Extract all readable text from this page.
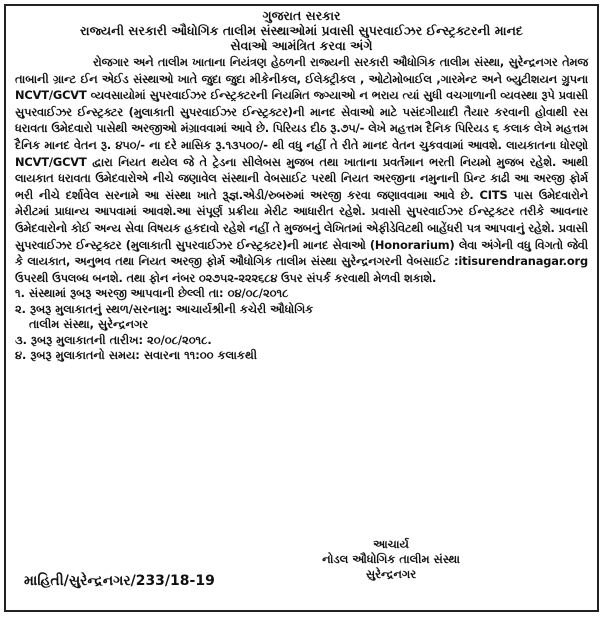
ગુજરાત સરકાર
રાજ્યની સરકારી ઔધોગિક તાલીમ સંસ્થાઓમાં પ્રવાસી સુપરવાઈઝર ઈન્સ્ટ્રક્ટરની માનદ
સેવાઓ આમંત્રિત કરવા અંગે
રોજગાર અને તાલીમ ખાતાના નિયંત્રણ હેઠળની રાજ્યની સરકારી ઔધોગિક તાલીમ સંસ્થા, સુરેન્દ્રનગર તેમજ તાબાની ગ્રાન્ટ ઈન એઈડ સંસ્થાઓ ખાતે જુદા જુદા મીકેનીકલ, ઈલેક્ટ્રીકલ , ઓટોમોબાઈલ ,ગારમેન્ટ અને બ્યુટીશયન ગ્રુપના NCVT/GCVT વ્યવસાયોમાં સુપરવાઈઝર ઈન્સ્ટ્રક્ટરની નિયમિત જ્ગ્યાઓ ન ભરાય ત્યાં સુધી વચગાળાની વ્યવસ્થા રૂપે પ્રવાસી સુપરવાઈઝર ઈન્સ્ટ્રક્ટર (મુલાકાતી સુપરવાઈઝર ઈન્સ્ટ્રક્ટર)ની માનદ સેવાઓ માટે પસંદગીયાદી તૈયાર કરવાની હોવાથી રસ ધરાવતા ઉમેદવારો પાસેથી અરજીઓ મંગ્રાવવામાં આવે છે. પિરિયડ દીઠ રૂ.૭૫/- લેખે મહત્તમ દૈનિક પિરિયડ ૬ કલાક લેખે મહત્તમ દૈનિક માનદ વેતન રૂ. ૪૫૦/- ના દરે માસિક રૂ.૧૩૫૦૦/- થી વધુ નહીં તે રીતે માનદ વેતન ચુકવવામાં આવશે. લાયકાતના ધોરણો NCVT/GCVT દ્વારા નિયત થયેલ જે તે ટ્રેડના સીલેબસ મુજબ તથા ખાતાના પ્રવર્તમાન ભરતી નિયમો મુજબ રહેશે. આથી લાયકાત ધરાવતા ઉમેદવારોએ નીચે જણાવેલ સંસ્થાની વેબસાઈટ પરથી નિયત અરજીના નમુનાની પ્રિન્ટ કાઢી આ અરજી ફોર્મ ભરી નીચે દર્શાવેલ સરનામે આ સંસ્થા ખાતે રૂ્જ્ઞ.એડી/રુબરુમાં અરજી કરવા જણાવવામા આવે છે. CITS પાસ ઉમેદવારોને મેરીટમાં પ્રાધાન્ય આપવામાં આવશે.આ સંપૂર્ણ પ્રક્રીયા મેરીટ આધારીત રહેશે. પ્રવાસી સુપરવાઈઝર ઈન્સ્ટ્રક્ટર તરીકે આવનાર ઉમેદવારોનો કોઈ અન્ય સેવા વિષયક હકદાવો રહેશે નહીં તે મુજબનું લેખિતમાં એફીડેવિટથી બાહેંધરી પત્ર આપવાનું રહેશે. પ્રવાસી સુપરવાઈઝર ઈન્સ્ટ્રક્ટર (મુલાકાતી સુપરવાઈઝર ઈન્સ્ટ્રક્ટર)ની માનદ સેવાઓ (Honorarium) લેવા અંગેની વધુ વિગતો જેવી કે લાયકાત, અનુભવ તથા નિયત અરજી ફોર્મ ઔધોગિક તાલીમ સંસ્થા સુરેન્દ્રનગરની વેબસાઈટ :itisurendranagar.org ઉપરથી ઉપલબ્ધ બનશે. તથા ફોન નંબર ૦૨૭૫૨-૨૨૨૬૮૪ ઉપર સંપર્ક કરવાથી મેળવી શકાશે.
૧. સંસ્થામાં રૂબરૂ અરજી આપવાની છેલ્લી તા: ૦૪/૦૮/૨૦૧૮
૨. રૂબરૂ મુલાકાતનું સ્થળ/સરનામુ: આચાર્યશ્રીની કચેરી ઔધોગિક
તાલીમ સંસ્થા, સુરેન્દ્રનગર
૩. રૂબરૂ મુલાકાતની તારીખ: ૨૦/૦૮/૨૦૧૮.
૪. રૂબરૂ મુલાકાતનો સમય: સવારના ૧૧:૦૦ કલાકથી
આચાર્ય
નોડલ ઔધોગિક તાલીમ સંસ્થા
સુરેન્દ્રનગર
માહિતી/સુરેન્દ્રનગર/233/18-19
